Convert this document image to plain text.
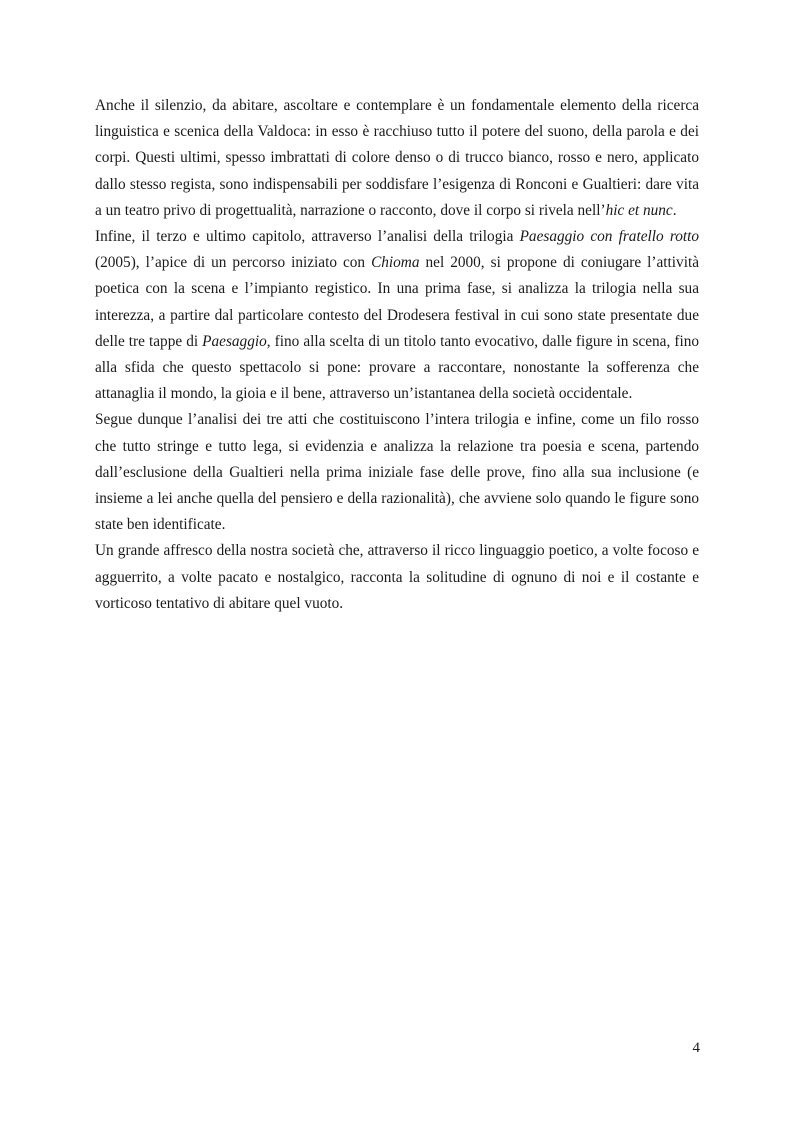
Anche il silenzio, da abitare, ascoltare e contemplare è un fondamentale elemento della ricerca linguistica e scenica della Valdoca: in esso è racchiuso tutto il potere del suono, della parola e dei corpi. Questi ultimi, spesso imbrattati di colore denso o di trucco bianco, rosso e nero, applicato dallo stesso regista, sono indispensabili per soddisfare l’esigenza di Ronconi e Gualtieri: dare vita a un teatro privo di progettualità, narrazione o racconto, dove il corpo si rivela nell’hic et nunc.

Infine, il terzo e ultimo capitolo, attraverso l’analisi della trilogia Paesaggio con fratello rotto (2005), l’apice di un percorso iniziato con Chioma nel 2000, si propone di coniugare l’attività poetica con la scena e l’impianto registico. In una prima fase, si analizza la trilogia nella sua interezza, a partire dal particolare contesto del Drodesera festival in cui sono state presentate due delle tre tappe di Paesaggio, fino alla scelta di un titolo tanto evocativo, dalle figure in scena, fino alla sfida che questo spettacolo si pone: provare a raccontare, nonostante la sofferenza che attanaglia il mondo, la gioia e il bene, attraverso un’istantanea della società occidentale.

Segue dunque l’analisi dei tre atti che costituiscono l’intera trilogia e infine, come un filo rosso che tutto stringe e tutto lega, si evidenzia e analizza la relazione tra poesia e scena, partendo dall’esclusione della Gualtieri nella prima iniziale fase delle prove, fino alla sua inclusione (e insieme a lei anche quella del pensiero e della razionalità), che avviene solo quando le figure sono state ben identificate.

Un grande affresco della nostra società che, attraverso il ricco linguaggio poetico, a volte focoso e agguerrito, a volte pacato e nostalgico, racconta la solitudine di ognuno di noi e il costante e vorticoso tentativo di abitare quel vuoto.

4
